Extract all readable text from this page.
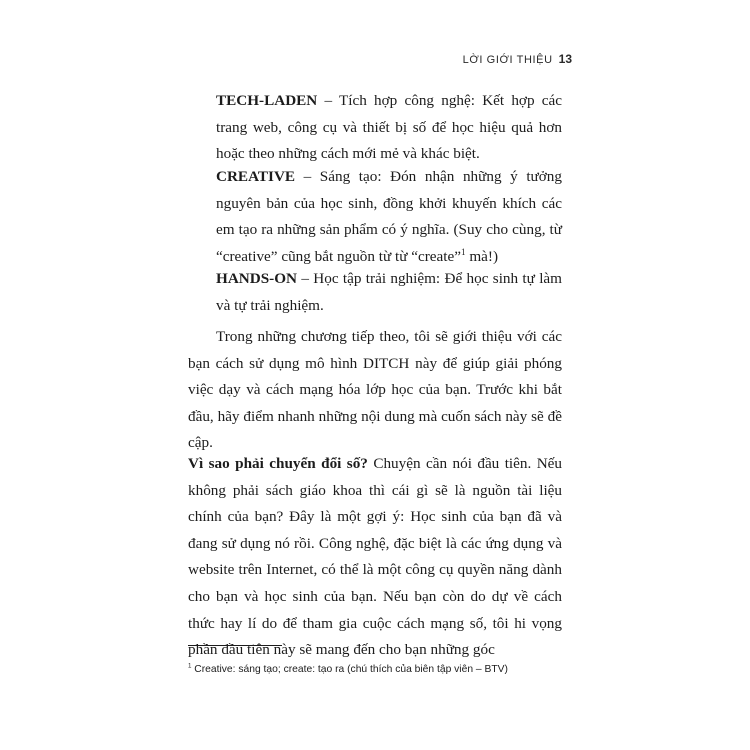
LỜI GIỚI THIỆU 13

TECH-LADEN – Tích hợp công nghệ: Kết hợp các trang web, công cụ và thiết bị số để học hiệu quả hơn hoặc theo những cách mới mẻ và khác biệt.

CREATIVE – Sáng tạo: Đón nhận những ý tưởng nguyên bản của học sinh, đồng khởi khuyến khích các em tạo ra những sản phẩm có ý nghĩa. (Suy cho cùng, từ “creative” cũng bắt nguồn từ từ “create”$^1$ mà!)

HANDS-ON – Học tập trải nghiệm: Để học sinh tự làm và tự trải nghiệm.

Trong những chương tiếp theo, tôi sẽ giới thiệu với các bạn cách sử dụng mô hình DITCH này để giúp giải phóng việc dạy và cách mạng hóa lớp học của bạn. Trước khi bắt đầu, hãy điểm nhanh những nội dung mà cuốn sách này sẽ đề cập.

Vì sao phải chuyển đổi số? Chuyện cần nói đầu tiên. Nếu không phải sách giáo khoa thì cái gì sẽ là nguồn tài liệu chính của bạn? Đây là một gợi ý: Học sinh của bạn đã và đang sử dụng nó rồi. Công nghệ, đặc biệt là các ứng dụng và website trên Internet, có thể là một công cụ quyền năng dành cho bạn và học sinh của bạn. Nếu bạn còn do dự về cách thức hay lí do để tham gia cuộc cách mạng số, tôi hi vọng phần đầu tiên này sẽ mang đến cho bạn những góc

$^1$ Creative: sáng tạo; create: tạo ra (chú thích của biên tập viên – BTV)
